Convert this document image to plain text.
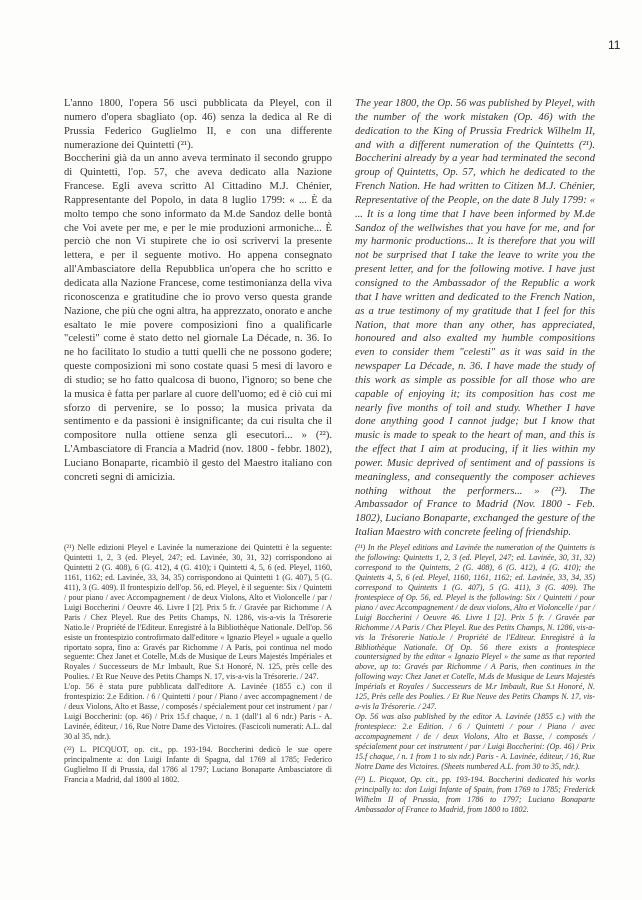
11

L'anno 1800, l'opera 56 uscì pubblicata da Pleyel, con il numero d'opera sbagliato (op. 46) senza la dedica al Re di Prussia Federico Guglielmo II, e con una differente numerazione dei Quintetti (²¹).

Boccherini già da un anno aveva terminato il secondo gruppo di Quintetti, l'op. 57, che aveva dedicato alla Nazione Francese. Egli aveva scritto Al Cittadino M.J. Chénier, Rappresentante del Popolo, in data 8 luglio 1799: « ... È da molto tempo che sono informato da M.de Sandoz delle bontà che Voi avete per me, e per le mie produzioni armoniche... È perciò che non Vi stupirete che io osi scrivervi la presente lettera, e per il seguente motivo. Ho appena consegnato all'Ambasciatore della Repubblica un'opera che ho scritto e dedicata alla Nazione Francese, come testimonianza della viva riconoscenza e gratitudine che io provo verso questa grande Nazione, che più che ogni altra, ha apprezzato, onorato e anche esaltato le mie povere composizioni fino a qualificarle "celesti" come è stato detto nel giornale La Décade, n. 36. Io ne ho facilitato lo studio a tutti quelli che ne possono godere; queste composizioni mi sono costate quasi 5 mesi di lavoro e di studio; se ho fatto qualcosa di buono, l'ignoro; so bene che la musica è fatta per parlare al cuore dell'uomo; ed è ciò cui mi sforzo di pervenire, se lo posso; la musica privata da sentimento e da passioni è insignificante; da cui risulta che il compositore nulla ottiene senza gli esecutori... » (²²). L'Ambasciatore di Francia a Madrid (nov. 1800 - febbr. 1802), Luciano Bonaparte, ricambiò il gesto del Maestro italiano con concreti segni di amicizia.

The year 1800, the Op. 56 was published by Pleyel, with the number of the work mistaken (Op. 46) with the dedication to the King of Prussia Fredrick Wilhelm II, and with a different numeration of the Quintetts (²¹). Boccherini already by a year had terminated the second group of Quintetts, Op. 57, which he dedicated to the French Nation. He had written to Citizen M.J. Chénier, Representative of the People, on the date 8 July 1799: « ... It is a long time that I have been informed by M.de Sandoz of the wellwishes that you have for me, and for my harmonic productions... It is therefore that you will not be surprised that I take the leave to write you the present letter, and for the following motive. I have just consigned to the Ambassador of the Republic a work that I have written and dedicated to the French Nation, as a true testimony of my gratitude that I feel for this Nation, that more than any other, has appreciated, honoured and also exalted my humble compositions even to consider them "celesti" as it was said in the newspaper La Décade, n. 36. I have made the study of this work as simple as possible for all those who are capable of enjoying it; its composition has cost me nearly five months of toil and study. Whether I have done anything good I cannot judge; but I know that music is made to speak to the heart of man, and this is the effect that I aim at producing, if it lies within my power. Music deprived of sentiment and of passions is meaningless, and consequently the composer achieves nothing without the performers... » (²²). The Ambassador of France to Madrid (Nov. 1800 - Feb. 1802), Luciano Bonaparte, exchanged the gesture of the Italian Maestro with concrete feeling of friendship.

(²¹) Nelle edizioni Pleyel e Lavinée la numerazione dei Quintetti è la seguente: Quintetti 1, 2, 3 (ed. Pleyel, 247; ed. Lavinée, 30, 31, 32) corrispondono ai Quintetti 2 (G. 408), 6 (G. 412), 4 (G. 410); i Quintetti 4, 5, 6 (ed. Pleyel, 1160, 1161, 1162; ed. Lavinée, 33, 34, 35) corrispondono ai Quintetti 1 (G. 407), 5 (G. 411), 3 (G. 409). Il frontespizio dell'op. 56, ed. Pleyel, è il seguente: Six / Quintetti / pour piano / avec Accompagnement / de deux Violons, Alto et Violoncelle / par / Luigi Boccherini / Oeuvre 46. Livre I [2]. Prix 5 fr. / Gravée par Richomme / A Paris / Chez Pleyel. Rue des Petits Champs, N. 1286, vis-a-vis la Trésorerie Natio.le / Propriété de l'Editeur. Enregistré à la Bibliothèque Nationale. Dell'op. 56 esiste un frontespizio controfirmato dall'editore « Ignazio Pleyel » uguale a quello riportato sopra, fino a: Gravés par Richomme / A Paris, poi continua nel modo seguente: Chez Janet et Cotelle, M.ds de Musique de Leurs Majestés Impériales et Royales / Successeurs de M.r Imbault, Rue S.t Honoré, N. 125, près celle des Poulies. / Et Rue Neuve des Petits Champs N. 17, vis-a-vis la Trésorerie. / 247.

L'op. 56 è stata pure pubblicata dall'editore A. Lavinée (1855 c.) con il frontespizio: 2.e Edition. / 6 / Quintetti / pour / Piano / avec accompagnement / de / deux Violons, Alto et Basse, / composés / spécialement pour cet instrument / par / Luigi Boccherini: (op. 46) / Prix 15.f chaque, / n. 1 (dall'1 al 6 ndr.) Paris - A. Lavinée, éditeur, / 16, Rue Notre Dame des Victoires. (Fascicoli numerati: A.L. dal 30 al 35, ndr.).

(²²) L. PICQUOT, op. cit., pp. 193-194. Boccherini dedicò le sue opere principalmente a: don Luigi Infante di Spagna, dal 1769 al 1785; Federico Guglielmo II di Prussia, dal 1786 al 1797; Luciano Bonaparte Ambasciatore di Francia a Madrid, dal 1800 al 1802.

(²¹) In the Pleyel editions and Lavinée the numeration of the Quintetts is the following: Quintetts 1, 2, 3 (ed. Pleyel, 247; ed. Lavinée, 30, 31, 32) correspond to the Quintetts, 2 (G. 408), 6 (G. 412), 4 (G. 410); the Quintetts 4, 5, 6 (ed. Pleyel, 1160, 1161, 1162; ed. Lavinée, 33, 34, 35) correspond to Quintetts 1 (G. 407), 5 (G. 411), 3 (G. 409). The frontespiece of Op. 56, ed. Pleyel is the following: Six / Quintetti / pour piano / avec Accompagnement / de deux violons, Alto et Violoncelle / par / Luigi Boccherini / Oeuvre 46. Livre I [2]. Prix 5 fr. / Gravée par Richomme / A Paris / Chez Pleyel. Rue des Petits Champs, N. 1286, vis-a-vis la Trésorerie Natio.le / Propriété de l'Editeur. Enregistré à la Bibliothèque Nationale. Of Op. 56 there exists a frontespiece countersigned by the editor « Ignazio Pleyel » the same as that reported above, up to: Gravés par Richomme / A Paris, then continues in the following way: Chez Janet et Cotelle, M.ds de Musique de Leurs Majestés Impérials et Royales / Successeurs de M.r Imbault, Rue S.t Honoré, N. 125, Près celle des Poulies. / Et Rue Neuve des Petits Champs N. 17, vis-a-vis la Trésorerie. / 247.

Op. 56 was also published by the editor A. Lavinée (1855 c.) with the frontespiece: 2.e Edition. / 6 / Quintetti / pour / Piano / avec accompagnement / de / deux Violons, Alto et Basse, / composés / spécialement pour cet instrument / par / Luigi Boccherini: (Op. 46) / Prix 15.f chaque, / n. 1 from 1 to six ndr.) Paris - A. Lavinée, éditeur, / 16, Rue Notre Dame des Victoires. (Sheets numbered A.L. from 30 to 35, ndr.).

(²²) L. Picquot, Op. cit., pp. 193-194. Boccherini dedicated his works principally to: don Luigi Infante of Spain, from 1769 to 1785; Frederick Wilhelm II of Prussia, from 1786 to 1797; Luciano Bonaparte Ambassador of France to Madrid, from 1800 to 1802.
